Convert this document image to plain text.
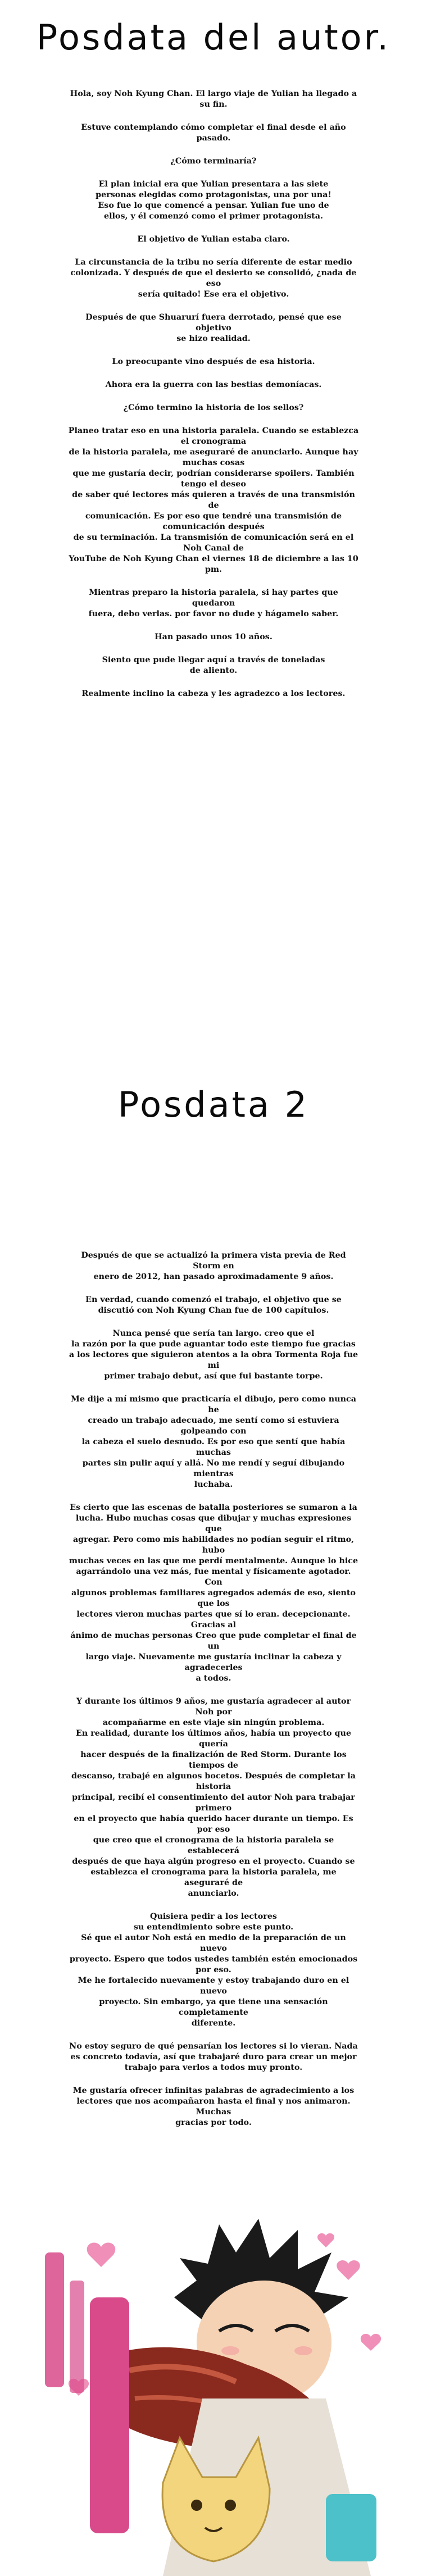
Posdata del autor.

Hola, soy Noh Kyung Chan. El largo viaje de Yulian ha llegado a su fin.

Estuve contemplando cómo completar el final desde el año pasado.

¿Cómo terminaría?

El plan inicial era que Yulian presentara a las siete
personas elegidas como protagonistas, una por una!
Eso fue lo que comencé a pensar. Yulian fue uno de
ellos, y él comenzó como el primer protagonista.

El objetivo de Yulian estaba claro.

La circunstancia de la tribu no sería diferente de estar medio
colonizada. Y después de que el desierto se consolidó, ¿nada de eso
sería quitado! Ese era el objetivo.

Después de que Shuarurí fuera derrotado, pensé que ese objetivo
se hizo realidad.

Lo preocupante vino después de esa historia.

Ahora era la guerra con las bestias demoníacas.

¿Cómo termino la historia de los sellos?

Planeo tratar eso en una historia paralela. Cuando se establezca el cronograma
de la historia paralela, me aseguraré de anunciarlo. Aunque hay muchas cosas
que me gustaría decir, podrían considerarse spoilers. También tengo el deseo
de saber qué lectores más quieren a través de una transmisión de
comunicación. Es por eso que tendré una transmisión de comunicación después
de su terminación. La transmisión de comunicación será en el Noh Canal de
YouTube de Noh Kyung Chan el viernes 18 de diciembre a las 10 pm.

Mientras preparo la historia paralela, si hay partes que quedaron
fuera, debo verlas. por favor no dude y hágamelo saber.

Han pasado unos 10 años.

Siento que pude llegar aquí a través de toneladas
de aliento.

Realmente inclino la cabeza y les agradezco a los lectores.

Posdata 2

Después de que se actualizó la primera vista previa de Red Storm en
enero de 2012, han pasado aproximadamente 9 años.

En verdad, cuando comenzó el trabajo, el objetivo que se
discutió con Noh Kyung Chan fue de 100 capítulos.

Nunca pensé que sería tan largo. creo que el
la razón por la que pude aguantar todo este tiempo fue gracias
a los lectores que siguieron atentos a la obra Tormenta Roja fue mi
primer trabajo debut, así que fui bastante torpe.

Me dije a mí mismo que practicaría el dibujo, pero como nunca he
creado un trabajo adecuado, me sentí como si estuviera golpeando con
la cabeza el suelo desnudo. Es por eso que sentí que había muchas
partes sin pulir aquí y allá. No me rendí y seguí dibujando mientras
luchaba.

Es cierto que las escenas de batalla posteriores se sumaron a la
lucha. Hubo muchas cosas que dibujar y muchas expresiones que
agregar. Pero como mis habilidades no podían seguir el ritmo, hubo
muchas veces en las que me perdí mentalmente. Aunque lo hice
agarrándolo una vez más, fue mental y físicamente agotador. Con
algunos problemas familiares agregados además de eso, siento que los
lectores vieron muchas partes que sí lo eran. decepcionante. Gracias al
ánimo de muchas personas Creo que pude completar el final de un
largo viaje. Nuevamente me gustaría inclinar la cabeza y agradecerles
a todos.

Y durante los últimos 9 años, me gustaría agradecer al autor Noh por
acompañarme en este viaje sin ningún problema.
En realidad, durante los últimos años, había un proyecto que quería
hacer después de la finalización de Red Storm. Durante los tiempos de
descanso, trabajé en algunos bocetos. Después de completar la historia
principal, recibí el consentimiento del autor Noh para trabajar primero
en el proyecto que había querido hacer durante un tiempo. Es por eso
que creo que el cronograma de la historia paralela se establecerá
después de que haya algún progreso en el proyecto. Cuando se
establezca el cronograma para la historia paralela, me aseguraré de
anunciarlo.

Quisiera pedir a los lectores
su entendimiento sobre este punto.
Sé que el autor Noh está en medio de la preparación de un nuevo
proyecto. Espero que todos ustedes también estén emocionados por eso.
Me he fortalecido nuevamente y estoy trabajando duro en el nuevo
proyecto. Sin embargo, ya que tiene una sensación completamente
diferente.

No estoy seguro de qué pensarían los lectores si lo vieran. Nada
es concreto todavía, así que trabajaré duro para crear un mejor
trabajo para verlos a todos muy pronto.

Me gustaría ofrecer infinitas palabras de agradecimiento a los
lectores que nos acompañaron hasta el final y nos animaron. Muchas
gracias por todo.
